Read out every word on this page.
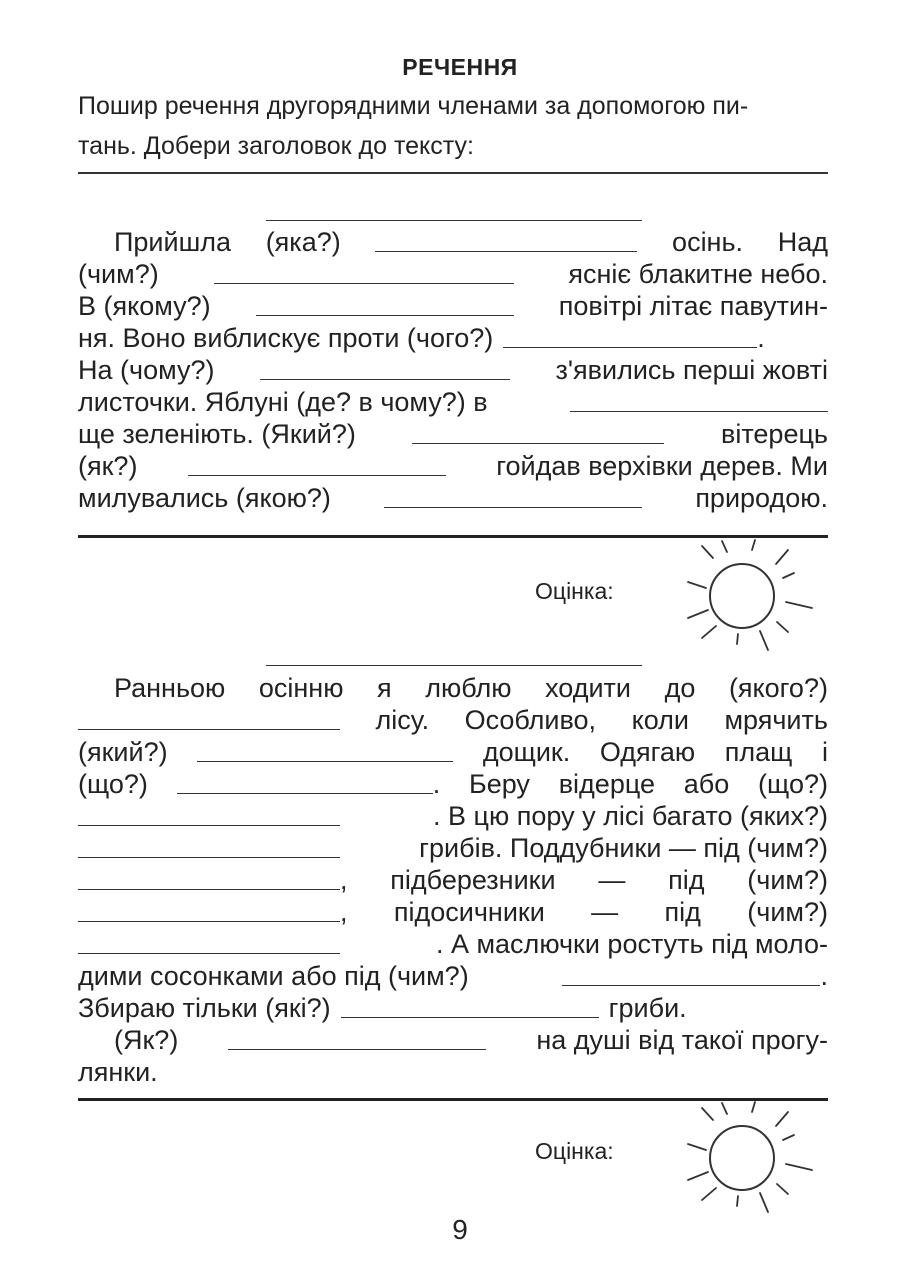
РЕЧЕННЯ
Пошир речення другорядними членами за допомогою пи-
тань. Добери заголовок до тексту:
Прийшла (яка?)	осінь. Над
(чим?)	ясніє блакитне небо.
В (якому?)	повітрі літає павутин-
ня. Воно виблискує проти (чого?)	.
На (чому?)	з'явились перші жовті
листочки. Яблуні (де? в чому?) в
ще зеленіють. (Який?)	вітерець
(як?)	гойдав верхівки дерев. Ми
милувались (якою?)	природою.
Оцінка:
Ранньою осінню я люблю ходити до (якого?)
лісу. Особливо, коли мрячить
(який?)	дощик. Одягаю плащ і
(що?)	. Беру відерце або (що?)
. В цю пору у лісі багато (яких?)
грибів. Поддубники — під (чим?)
, підберезники — під (чим?)
, підосичники — під (чим?)
. А маслючки ростуть під моло-
дими сосонками або під (чим?)	.
Збираю тільки (які?)	гриби.
(Як?)	на душі від такої прогу-
лянки.
Оцінка:
9
